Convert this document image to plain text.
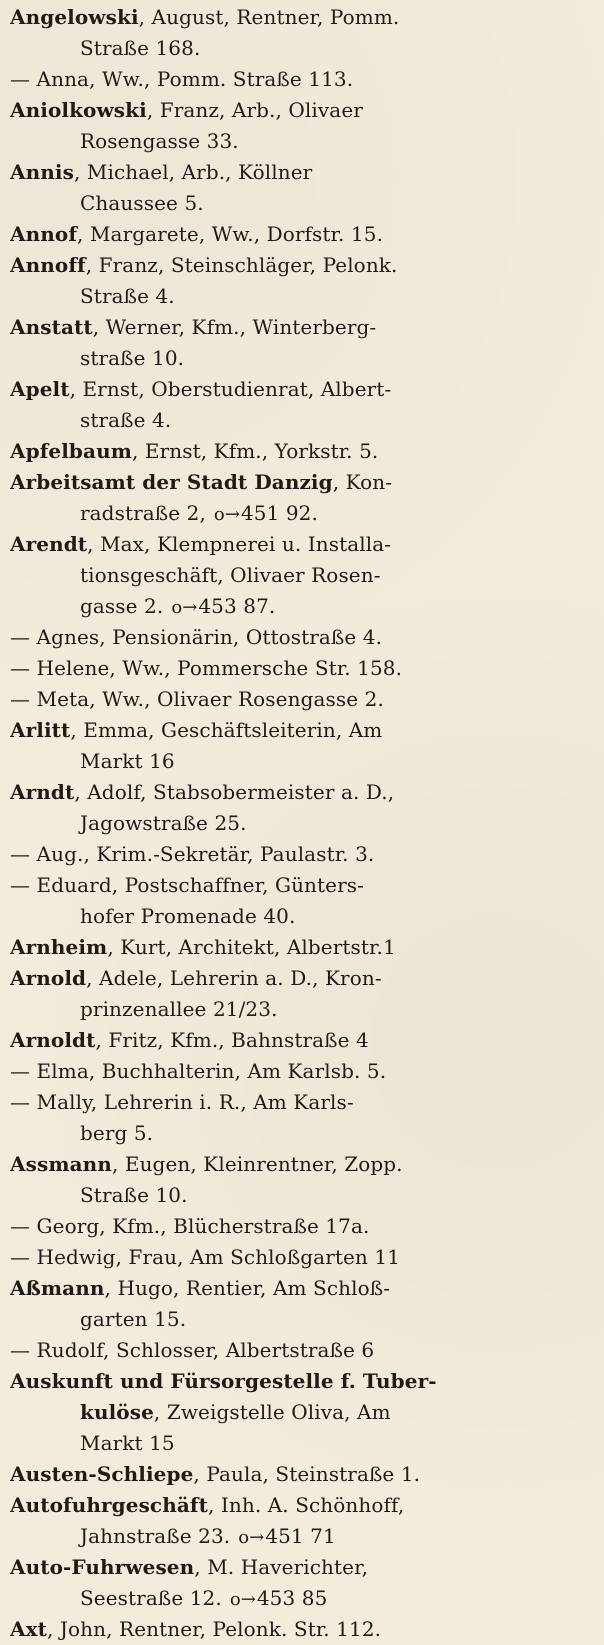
Angelowski, August, Rentner, Pomm.
Straße 168.
— Anna, Ww., Pomm. Straße 113.
Aniolkowski, Franz, Arb., Olivaer
Rosengasse 33.
Annis, Michael, Arb., Köllner
Chaussee 5.
Annof, Margarete, Ww., Dorfstr. 15.
Annoff, Franz, Steinschläger, Pelonk.
Straße 4.
Anstatt, Werner, Kfm., Winterberg-
straße 10.
Apelt, Ernst, Oberstudienrat, Albert-
straße 4.
Apfelbaum, Ernst, Kfm., Yorkstr. 5.
Arbeitsamt der Stadt Danzig, Kon-
radstraße 2, o→451 92.
Arendt, Max, Klempnerei u. Installa-
tionsgeschäft, Olivaer Rosen-
gasse 2. o→453 87.
— Agnes, Pensionärin, Ottostraße 4.
— Helene, Ww., Pommersche Str. 158.
— Meta, Ww., Olivaer Rosengasse 2.
Arlitt, Emma, Geschäftsleiterin, Am
Markt 16
Arndt, Adolf, Stabsobermeister a. D.,
Jagowstraße 25.
— Aug., Krim.-Sekretär, Paulastr. 3.
— Eduard, Postschaffner, Günters-
hofer Promenade 40.
Arnheim, Kurt, Architekt, Albertstr.1
Arnold, Adele, Lehrerin a. D., Kron-
prinzenallee 21/23.
Arnoldt, Fritz, Kfm., Bahnstraße 4
— Elma, Buchhalterin, Am Karlsb. 5.
— Mally, Lehrerin i. R., Am Karls-
berg 5.
Assmann, Eugen, Kleinrentner, Zopp.
Straße 10.
— Georg, Kfm., Blücherstraße 17a.
— Hedwig, Frau, Am Schloßgarten 11
Aßmann, Hugo, Rentier, Am Schloß-
garten 15.
— Rudolf, Schlosser, Albertstraße 6
Auskunft und Fürsorgestelle f. Tuber-
kulöse, Zweigstelle Oliva, Am
Markt 15
Austen-Schliepe, Paula, Steinstraße 1.
Autofuhrgeschäft, Inh. A. Schönhoff,
Jahnstraße 23. o→451 71
Auto-Fuhrwesen, M. Haverichter,
Seestraße 12. o→453 85
Axt, John, Rentner, Pelonk. Str. 112.
